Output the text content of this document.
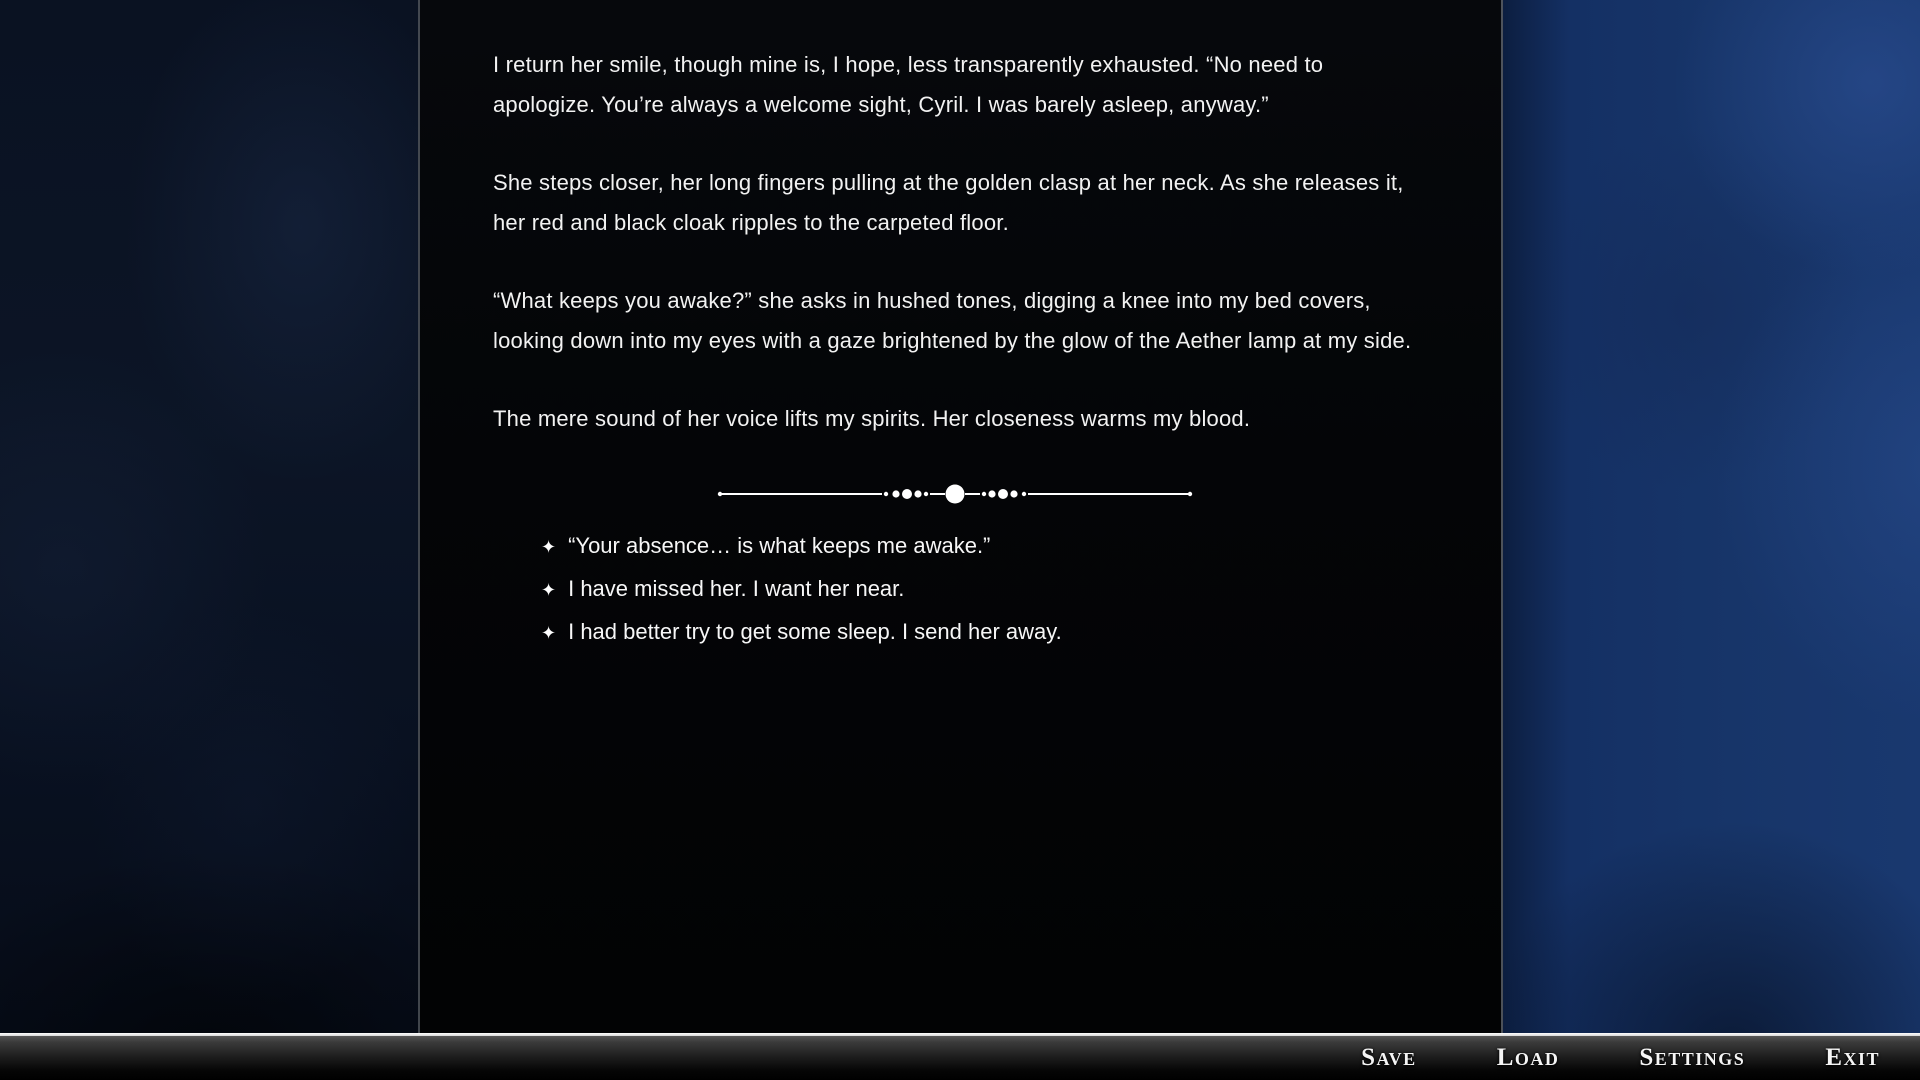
I return her smile, though mine is, I hope, less transparently exhausted. “No need to apologize. You’re always a welcome sight, Cyril. I was barely asleep, anyway.”

She steps closer, her long fingers pulling at the golden clasp at her neck. As she releases it, her red and black cloak ripples to the carpeted floor.

“What keeps you awake?” she asks in hushed tones, digging a knee into my bed covers, looking down into my eyes with a gaze brightened by the glow of the Aether lamp at my side.

The mere sound of her voice lifts my spirits. Her closeness warms my blood.

✦ “Your absence… is what keeps me awake.”
✦ I have missed her. I want her near.
✦ I had better try to get some sleep. I send her away.
Save	Load	Settings	Exit
